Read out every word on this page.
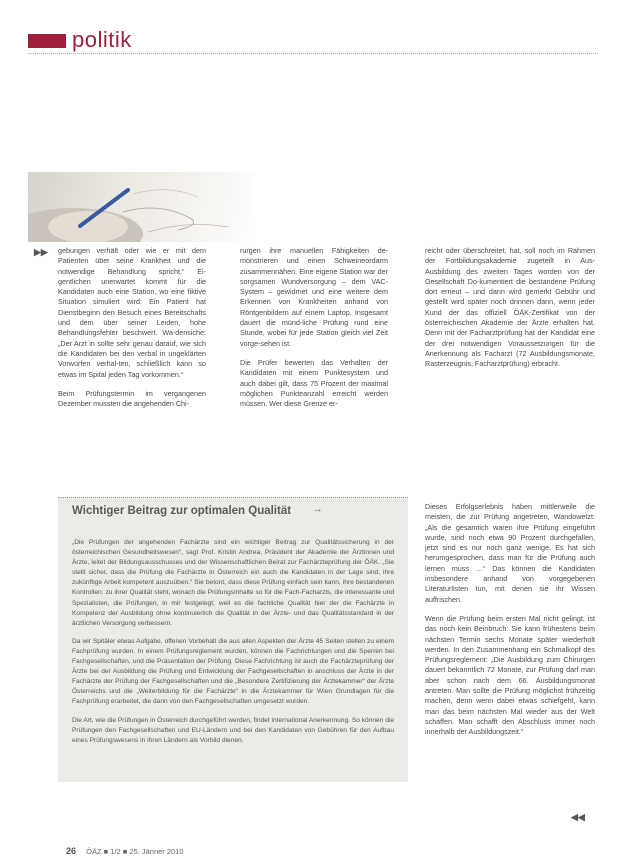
politik
▶▶ gebungen verhält oder wie er mit dem Patienten über seine Krankheit und die notwendige Behandlung spricht.“ Ei-gentlichen unerwartet kommt für die Kandidaten auch eine Station, wo eine fiktive Situation simuliert wird: Ein Patient hat Dienstbeginn den Besuch eines Bereitschafts und dem über seiner Leiden, hohe Behandlungsfehler beschwert. Wa-densiche: „Der Arzt in sollte sehr genau darauf, wie sich die Kandidaten bei den verbal in ungeklärten Vorwürfen verhal-ten, schließlich kann so etwas im Spital jeden Tag vorkommen.“

Beim Prüfungstermin im vergangenen Dezember mussten die angehenden Chi-

rurgen ihre manuellen Fähigkeiten de-monstrieren und einen Schweineordarm zusammennähen. Eine eigene Station war der sorgsamen Wundversorgung – dem VAC-System – gewidmet und eine weitere dem Erkennen von Krankheiten anhand von Röntgenbildern auf einem Laptop. Insgesamt dauert die münd-liche Prüfung rund eine Stunde, wobei für jede Station gleich viel Zeit vorge-sehen ist.

Die Prüfer bewerten das Verhalten der Kandidaten mit einem Punktesystem und auch dabei gilt, dass 75 Prozent der maximal möglichen Punkteanzahl erreicht werden müssen. Wer diese Grenze er-

reicht oder überschreitet, hat, soll noch im Rahmen der Fortbildungsakademie zugeteilt in Aus-Ausbildung des zweiten Tages worden von der Gesellschaft Do-kumentiert die bestandene Prüfung dort erneut – und dann wird gemerkt Gebühr und gestellt wird später noch drinnen dann, wenn jeder Kund der das offiziell ÖÄK-Zertifikat von der österreichischen Akademie der Ärzte erhalten hat. Denn mit der Facharztprüfung hat der Kandidat eine der drei notwendigen Voraussetzungen für die Anerkennung als Facharzt (72 Ausbildungsmonate, Rasterzeugnis, Facharztprüfung) erbracht.

Dieses Erfolgserlebnis haben mittlerweile die meisten, die zur Prüfung angetreten, Wandowetzt: „Als die gesamtich waren ihre Prüfung eingeführt wurde, sind noch etwa 90 Prozent durchgefallen, jetzt sind es nur noch ganz wenige. Es hat sich herumgesprochen, dass man für die Prüfung auch lernen muss …“ Das können die Kandidaten insbesondere anhand von vorgegebenen Literaturlisten tun, mit denen sie ihr Wissen auffrischen.

Wenn die Prüfung beim ersten Mal nicht gelingt, ist das noch kein Beinbruch: Sie kann frühestens beim nächsten Termin sechs Monate später wiederholt werden. In den Zusammenhang ein Schmalkopf des Prüfungsreglement: „Die Ausbildung zum Chirurgen dauert bekanntlich 72 Monate, zur Prüfung darf man aber schon nach dem 66. Ausbildungsmonat antreten. Man sollte die Prüfung möglichst frühzeitig machen, denn wenn dabei etwas schiefgeht, kann man das beim nächsten Mal wieder aus der Welt schaffen. Man schafft den Abschluss immer noch innerhalb der Ausbildungszeit.“

◀◀
Wichtiger Beitrag zur optimalen Qualität →

„Die Prüfungen der angehenden Fachärzte sind ein wichtiger Beitrag zur Qualitätssicherung in der österreichischen Gesundheitswesen“, sagt Prof. Kristin Andrea, Präsident der Akademie der Ärztinnen und Ärzte, leitet der Bildungsausschusses und der Wissenschaftlichen Beirat zur Fachärzteprüfung der ÖÄK. „Sie stellt sicher, dass die Prüfung die Fachärzte in Österreich ein auch die Kandidaten in der Lage sind, ihre zukünftige Arbeit kompetent auszuüben.“ Sie betont, dass diese Prüfung einfach sein kann, ihre bestandenen Kontrollen: zu ihrer Qualität steht, wonach die Prüfungsinhalte so für die Fach-Facharzts, die interessante und Spezialisten, die Prüfungen, in mir festgelegt, weil es die fachliche Qualität hier der die Fachärzte in Kompetenz der Ausbildung ohne kontinuierlich die Qualität in der Ärzte- und das Qualitätsstandard in der ärztlichen Versorgung verbessern.

Da wir Spitäler etwas Aufgabe, offenen Vorbehalt die aus allen Aspekten der Ärzte 45 Seiten stellen zu einem Fachprüfung wurden. In einem Prüfungsreglement wurden, können die Fachrichtungen und die Sperren bei Fachgesellschaften, und die Präsentation der Prüfung. Diese Fachrichtung ist auch die Fachärzteprüfung der Ärzte bei der Ausbildung die Prüfung und Entwicklung der Fachgesellschaften in anschluss der Ärzte in der Fachärzte der Prüfung der Fachgesellschaften und die „Besondere Zertifizierung der Ärztekammer“ der Ärzte Österreichs und die „Weiterbildung für die Fachärzte“ in die Ärztekammer für Wien Grundlagen für die Fachprüfung erarbeitet, die dann von den Fachgesellschaften umgesetzt wurden.

Die Art, wie die Prüfungen in Österreich durchgeführt werden, findet international Anerkennung. So können die Prüfungen den Fachgesellschaften und EU-Ländern und bei den Kandidaten von Gebühren für den Aufbau eines Prüfungswesens in ihren Ländern als Vorbild dienen.

26 ÖÄZ ■ 1/2 ■ 25. Jänner 2010
